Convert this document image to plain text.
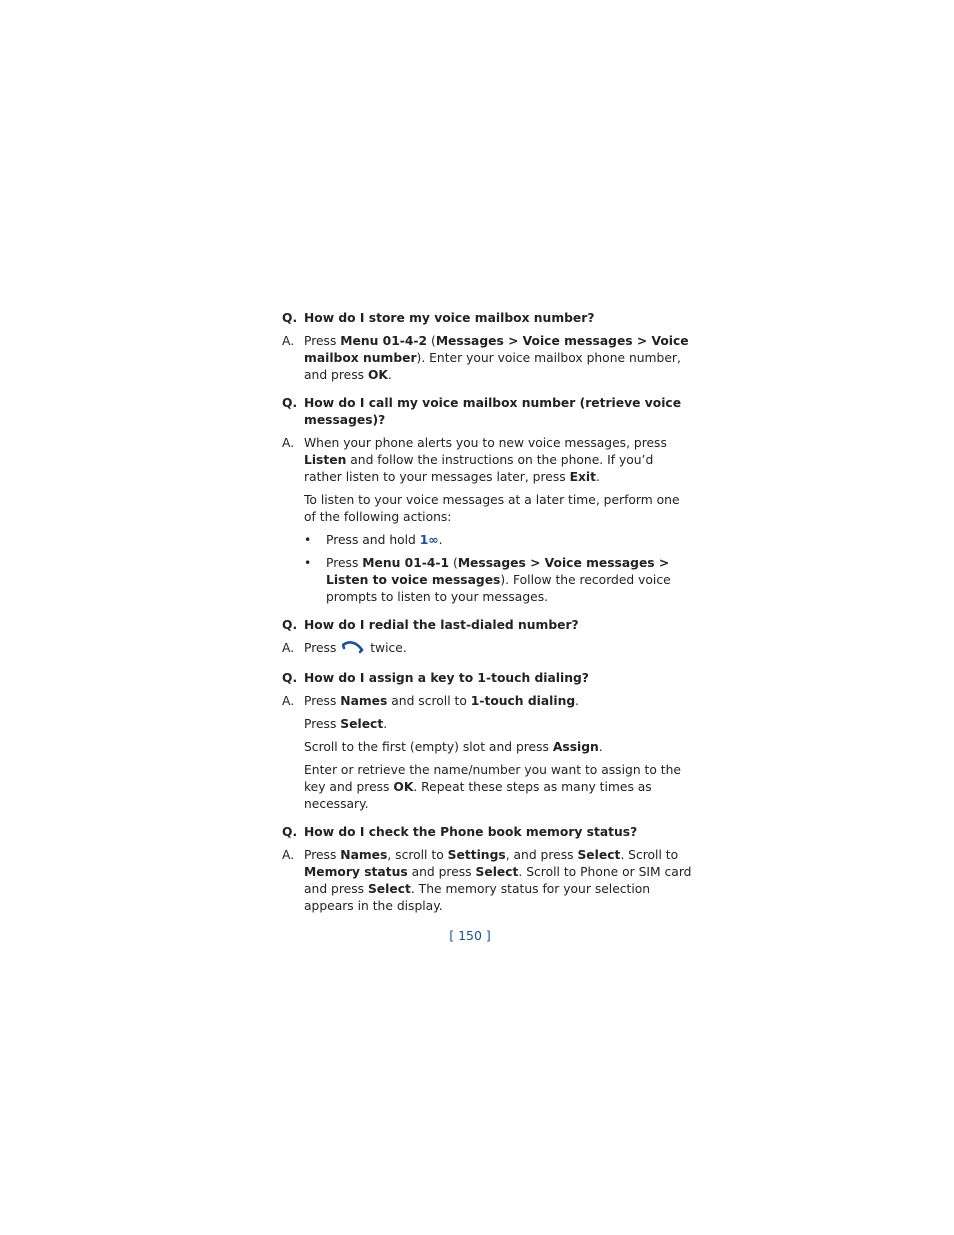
Q. How do I store my voice mailbox number?
A. Press Menu 01-4-2 (Messages > Voice messages > Voice mailbox number). Enter your voice mailbox phone number, and press OK.
Q. How do I call my voice mailbox number (retrieve voice messages)?
A. When your phone alerts you to new voice messages, press Listen and follow the instructions on the phone. If you’d rather listen to your messages later, press Exit.
To listen to your voice messages at a later time, perform one of the following actions:
• Press and hold 1∞.
• Press Menu 01-4-1 (Messages > Voice messages > Listen to voice messages). Follow the recorded voice prompts to listen to your messages.
Q. How do I redial the last-dialed number?
A. Press	twice.
Q. How do I assign a key to 1-touch dialing?
A. Press Names and scroll to 1-touch dialing.
Press Select.
Scroll to the first (empty) slot and press Assign.
Enter or retrieve the name/number you want to assign to the key and press OK. Repeat these steps as many times as necessary.
Q. How do I check the Phone book memory status?
A. Press Names, scroll to Settings, and press Select. Scroll to Memory status and press Select. Scroll to Phone or SIM card and press Select. The memory status for your selection appears in the display.
[ 150 ]
